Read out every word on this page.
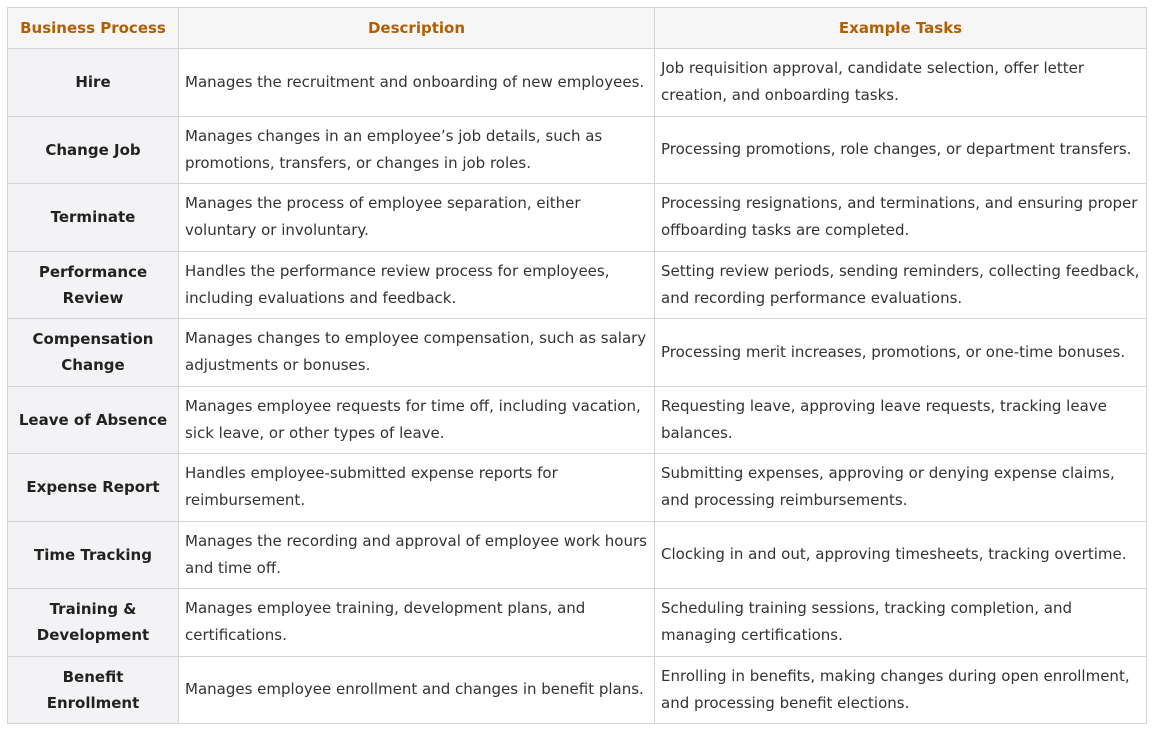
Business Process	Description	Example Tasks
Hire	Manages the recruitment and onboarding of new employees.	Job requisition approval, candidate selection, offer letter creation, and onboarding tasks.
Change Job	Manages changes in an employee’s job details, such as promotions, transfers, or changes in job roles.	Processing promotions, role changes, or department transfers.
Terminate	Manages the process of employee separation, either voluntary or involuntary.	Processing resignations, and terminations, and ensuring proper offboarding tasks are completed.
Performance Review	Handles the performance review process for employees, including evaluations and feedback.	Setting review periods, sending reminders, collecting feedback, and recording performance evaluations.
Compensation Change	Manages changes to employee compensation, such as salary adjustments or bonuses.	Processing merit increases, promotions, or one-time bonuses.
Leave of Absence	Manages employee requests for time off, including vacation, sick leave, or other types of leave.	Requesting leave, approving leave requests, tracking leave balances.
Expense Report	Handles employee-submitted expense reports for reimbursement.	Submitting expenses, approving or denying expense claims, and processing reimbursements.
Time Tracking	Manages the recording and approval of employee work hours and time off.	Clocking in and out, approving timesheets, tracking overtime.
Training & Development	Manages employee training, development plans, and certifications.	Scheduling training sessions, tracking completion, and managing certifications.
Benefit Enrollment	Manages employee enrollment and changes in benefit plans.	Enrolling in benefits, making changes during open enrollment, and processing benefit elections.
